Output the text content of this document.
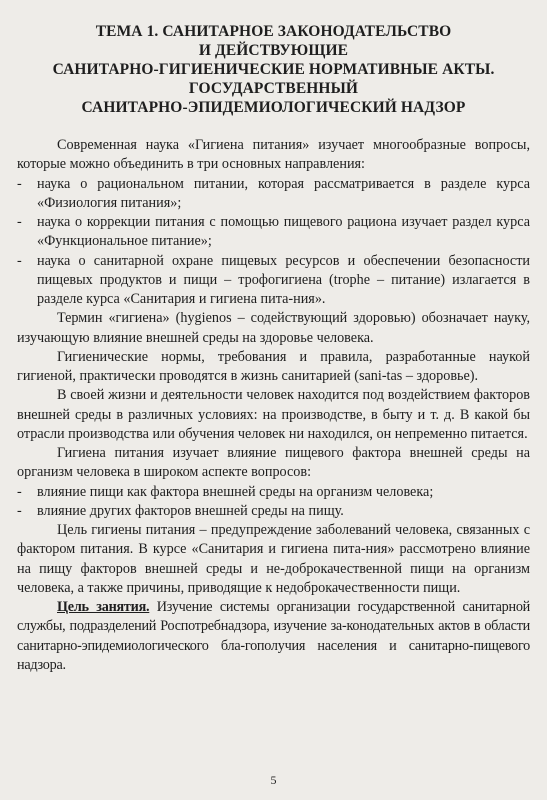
ТЕМА 1. САНИТАРНОЕ ЗАКОНОДАТЕЛЬСТВО
И ДЕЙСТВУЮЩИЕ
САНИТАРНО-ГИГИЕНИЧЕСКИЕ НОРМАТИВНЫЕ АКТЫ.
ГОСУДАРСТВЕННЫЙ
САНИТАРНО-ЭПИДЕМИОЛОГИЧЕСКИЙ НАДЗОР

Современная наука «Гигиена питания» изучает многообразные вопросы, которые можно объединить в три основных направления:

- наука о рациональном питании, которая рассматривается в разделе курса «Физиология питания»;

- наука о коррекции питания с помощью пищевого рациона изучает раздел курса «Функциональное питание»;

- наука о санитарной охране пищевых ресурсов и обеспечении безопасности пищевых продуктов и пищи – трофогигиена (trophe – питание) излагается в разделе курса «Санитария и гигиена пита-ния».

Термин «гигиена» (hygienos – содействующий здоровью) обозначает науку, изучающую влияние внешней среды на здоровье человека.

Гигиенические нормы, требования и правила, разработанные наукой гигиеной, практически проводятся в жизнь санитарией (sani-tas – здоровье).

В своей жизни и деятельности человек находится под воздействием факторов внешней среды в различных условиях: на производстве, в быту и т. д. В какой бы отрасли производства или обучения человек ни находился, он непременно питается.

Гигиена питания изучает влияние пищевого фактора внешней среды на организм человека в широком аспекте вопросов:

- влияние пищи как фактора внешней среды на организм человека;

- влияние других факторов внешней среды на пищу.

Цель гигиены питания – предупреждение заболеваний человека, связанных с фактором питания. В курсе «Санитария и гигиена пита-ния» рассмотрено влияние на пищу факторов внешней среды и не-доброкачественной пищи на организм человека, а также причины, приводящие к недоброкачественности пищи.

Цель занятия. Изучение системы организации государственной санитарной службы, подразделений Роспотребнадзора, изучение за-конодательных актов в области санитарно-эпидемиологического бла-гополучия населения и санитарно-пищевого надзора.

5
